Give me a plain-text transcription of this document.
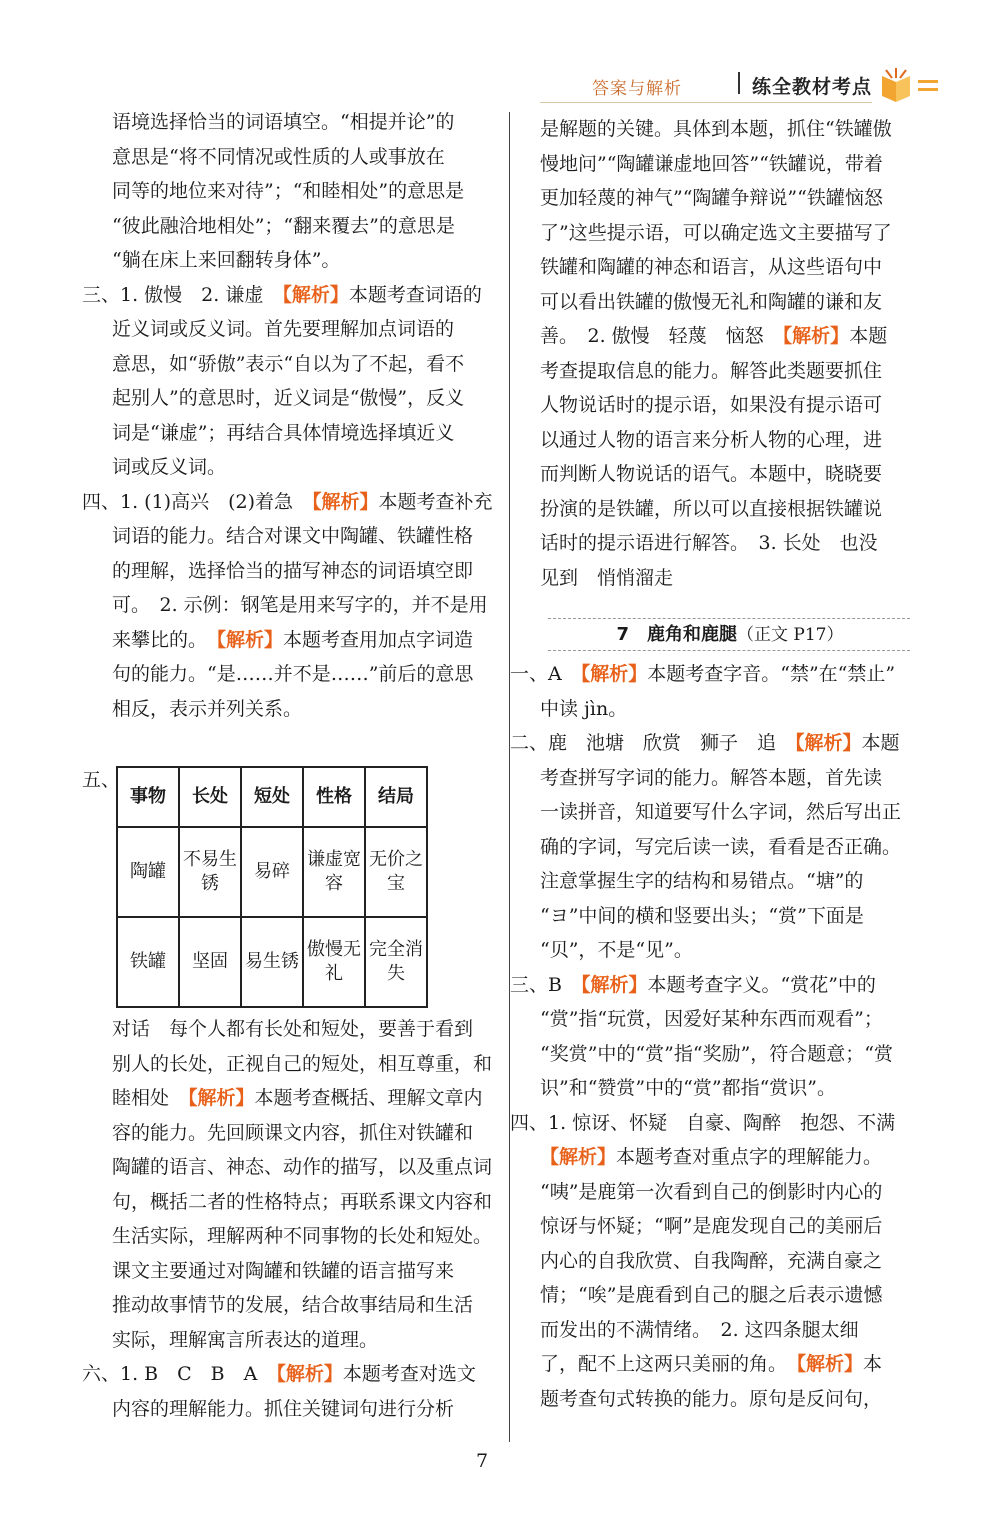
答案与解析	练全教材考点

语境选择恰当的词语填空。“相提并论”的

意思是“将不同情况或性质的人或事放在

同等的地位来对待”；“和睦相处”的意思是

“彼此融洽地相处”；“翻来覆去”的意思是

“躺在床上来回翻转身体”。

三、1. 傲慢　2. 谦虚　【解析】本题考查词语的

近义词或反义词。首先要理解加点词语的

意思，如“骄傲”表示“自以为了不起，看不

起别人”的意思时，近义词是“傲慢”，反义

词是“谦虚”；再结合具体情境选择填近义

词或反义词。

四、1. (1)高兴　(2)着急　【解析】本题考查补充

词语的能力。结合对课文中陶罐、铁罐性格

的理解，选择恰当的描写神态的词语填空即

可。　2. 示例：钢笔是用来写字的，并不是用

来攀比的。　【解析】本题考查用加点字词造

句的能力。“是……并不是……”前后的意思

相反，表示并列关系。

五、
事物	长处	短处	性格	结局
陶罐	不易生锈	易碎	谦虚宽容	无价之宝
铁罐	坚固	易生锈	傲慢无礼	完全消失

对话　每个人都有长处和短处，要善于看到

别人的长处，正视自己的短处，相互尊重，和

睦相处　【解析】本题考查概括、理解文章内

容的能力。先回顾课文内容，抓住对铁罐和

陶罐的语言、神态、动作的描写，以及重点词

句，概括二者的性格特点；再联系课文内容和

生活实际，理解两种不同事物的长处和短处。

课文主要通过对陶罐和铁罐的语言描写来

推动故事情节的发展，结合故事结局和生活

实际，理解寓言所表达的道理。

六、1. B　C　B　A　【解析】本题考查对选文

内容的理解能力。抓住关键词句进行分析

是解题的关键。具体到本题，抓住“铁罐傲

慢地问”“陶罐谦虚地回答”“铁罐说，带着

更加轻蔑的神气”“陶罐争辩说”“铁罐恼怒

了”这些提示语，可以确定选文主要描写了

铁罐和陶罐的神态和语言，从这些语句中

可以看出铁罐的傲慢无礼和陶罐的谦和友

善。　2. 傲慢　轻蔑　恼怒　【解析】本题

考查提取信息的能力。解答此类题要抓住

人物说话时的提示语，如果没有提示语可

以通过人物的语言来分析人物的心理，进

而判断人物说话的语气。本题中，晓晓要

扮演的是铁罐，所以可以直接根据铁罐说

话时的提示语进行解答。　3. 长处　也没

见到　悄悄溜走

7　鹿角和鹿腿（正文 P17）

一、A　【解析】本题考查字音。“禁”在“禁止”

中读 jìn。

二、鹿　池塘　欣赏　狮子　追　【解析】本题

考查拼写字词的能力。解答本题，首先读

一读拼音，知道要写什么字词，然后写出正

确的字词，写完后读一读，看看是否正确。

注意掌握生字的结构和易错点。“塘”的

“ヨ”中间的横和竖要出头；“赏”下面是

“贝”，不是“见”。

三、B　【解析】本题考查字义。“赏花”中的

“赏”指“玩赏，因爱好某种东西而观看”；

“奖赏”中的“赏”指“奖励”，符合题意；“赏

识”和“赞赏”中的“赏”都指“赏识”。

四、1. 惊讶、怀疑　自豪、陶醉　抱怨、不满

【解析】本题考查对重点字的理解能力。

“咦”是鹿第一次看到自己的倒影时内心的

惊讶与怀疑；“啊”是鹿发现自己的美丽后

内心的自我欣赏、自我陶醉，充满自豪之

情；“唉”是鹿看到自己的腿之后表示遗憾

而发出的不满情绪。　2. 这四条腿太细

了，配不上这两只美丽的角。　【解析】本

题考查句式转换的能力。原句是反问句，

7
